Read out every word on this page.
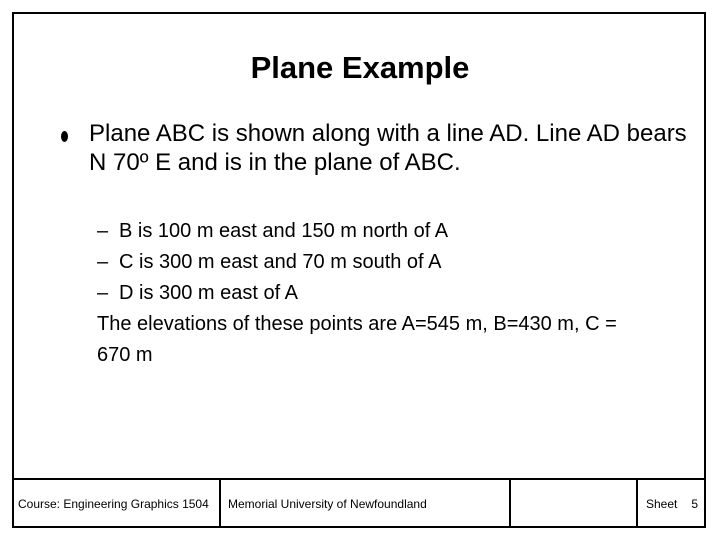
Plane Example
Plane ABC is shown along with a line AD. Line AD bears N 70º E and is in the plane of ABC.
– B is 100 m east and 150 m north of A
– C is 300 m east and 70 m south of A
– D is 300 m east of A
The elevations of these points are A=545 m, B=430 m, C = 670 m
Course: Engineering Graphics 1504	Memorial University of Newfoundland	Sheet 5
